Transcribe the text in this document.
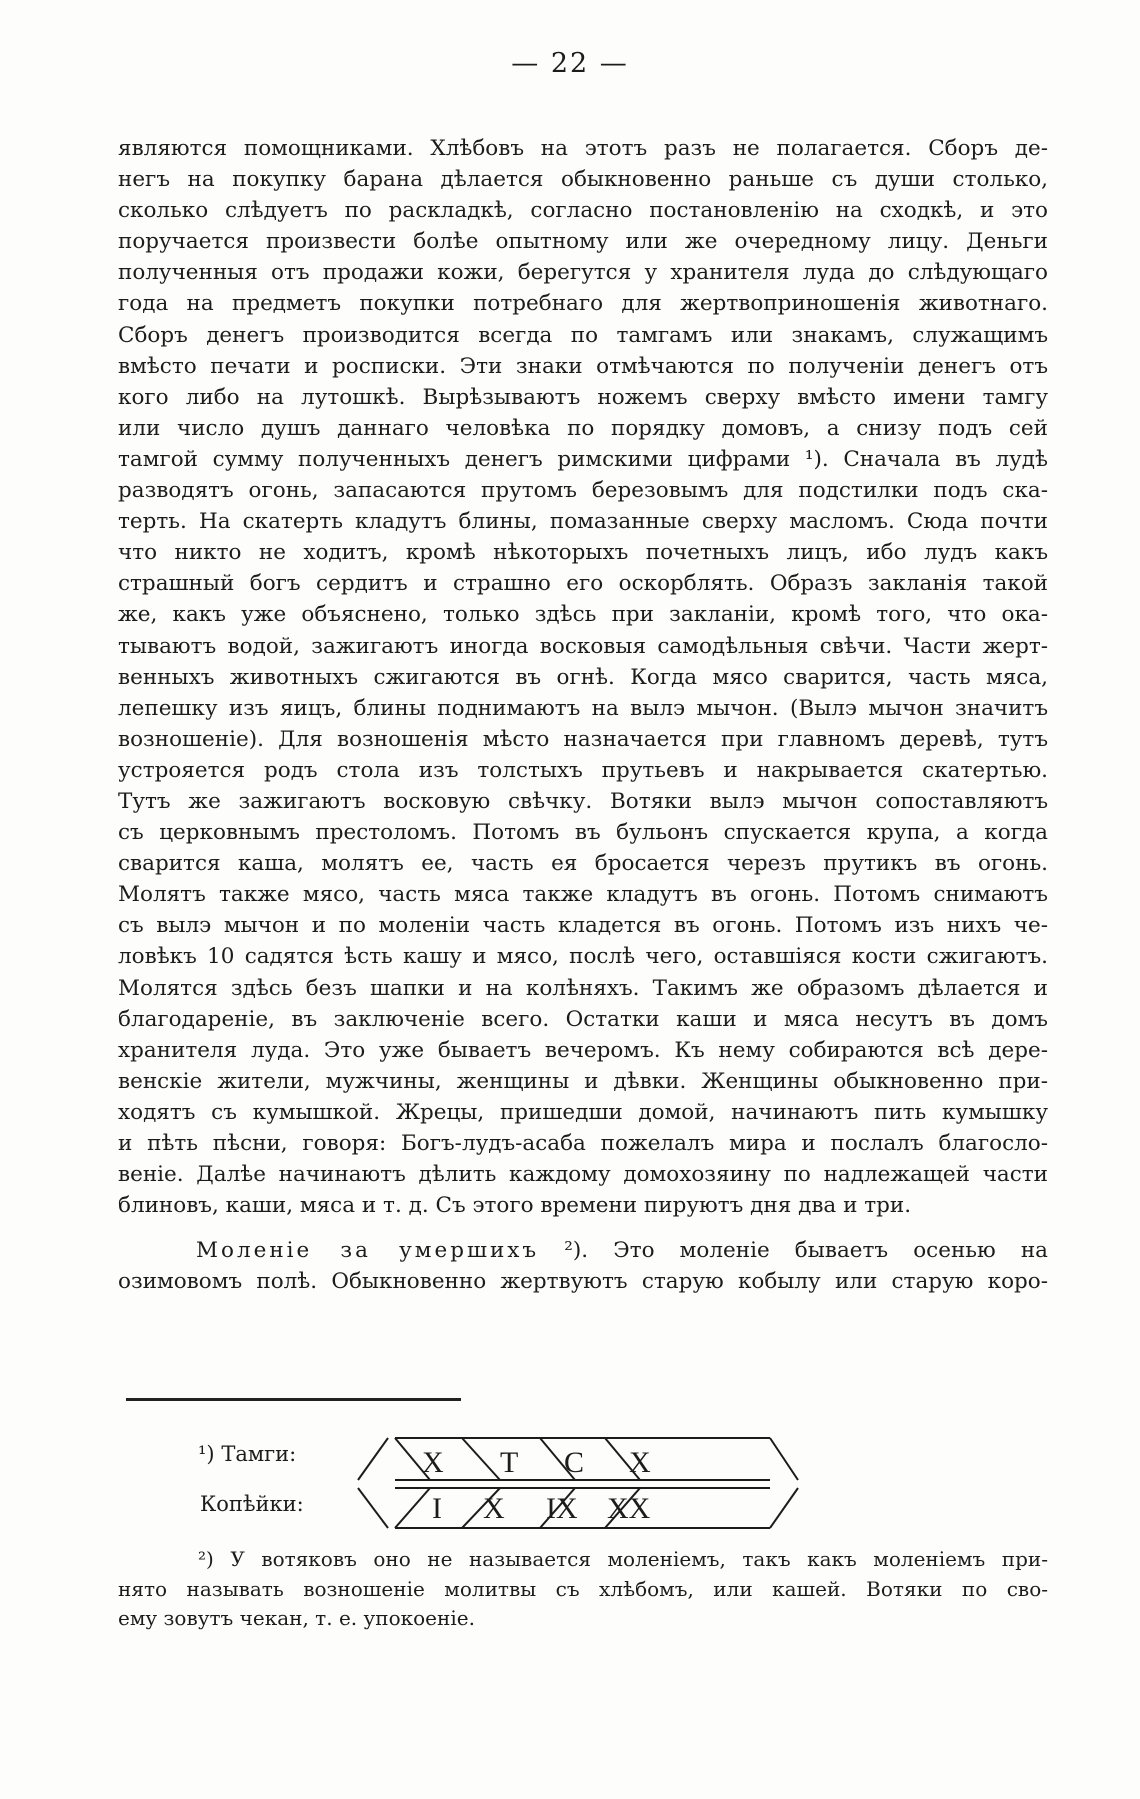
— 22 —
являются помощниками. Хлѣбовъ на этотъ разъ не полагается. Сборъ де-
негъ на покупку барана дѣлается обыкновенно раньше съ души столько,
сколько слѣдуетъ по раскладкѣ, согласно постановленію на сходкѣ, и это
поручается произвести болѣе опытному или же очередному лицу. Деньги
полученныя отъ продажи кожи, берегутся у хранителя луда до слѣдующаго
года на предметъ покупки потребнаго для жертвоприношенія животнаго.
Сборъ денегъ производится всегда по тамгамъ или знакамъ, служащимъ
вмѣсто печати и росписки. Эти знаки отмѣчаются по полученіи денегъ отъ
кого либо на лутошкѣ. Вырѣзываютъ ножемъ сверху вмѣсто имени тамгу
или число душъ даннаго человѣка по порядку домовъ, а снизу подъ сей
тамгой сумму полученныхъ денегъ римскими цифрами ¹). Сначала въ лудѣ
разводятъ огонь, запасаются прутомъ березовымъ для подстилки подъ ска-
терть. На скатерть кладутъ блины, помазанные сверху масломъ. Сюда почти
что никто не ходитъ, кромѣ нѣкоторыхъ почетныхъ лицъ, ибо лудъ какъ
страшный богъ сердитъ и страшно его оскорблять. Образъ закланія такой
же, какъ уже объяснено, только здѣсь при закланіи, кромѣ того, что ока-
тываютъ водой, зажигаютъ иногда восковыя самодѣльныя свѣчи. Части жерт-
венныхъ животныхъ сжигаются въ огнѣ. Когда мясо сварится, часть мяса,
лепешку изъ яицъ, блины поднимаютъ на вылэ мычон. (Вылэ мычон значитъ
возношеніе). Для возношенія мѣсто назначается при главномъ деревѣ, тутъ
устрояется родъ стола изъ толстыхъ прутьевъ и накрывается скатертью.
Тутъ же зажигаютъ восковую свѣчку. Вотяки вылэ мычон сопоставляютъ
съ церковнымъ престоломъ. Потомъ въ бульонъ спускается крупа, а когда
сварится каша, молятъ ее, часть ея бросается черезъ прутикъ въ огонь.
Молятъ также мясо, часть мяса также кладутъ въ огонь. Потомъ снимаютъ
съ вылэ мычон и по моленіи часть кладется въ огонь. Потомъ изъ нихъ че-
ловѣкъ 10 садятся ѣсть кашу и мясо, послѣ чего, оставшіяся кости сжигаютъ.
Молятся здѣсь безъ шапки и на колѣняхъ. Такимъ же образомъ дѣлается и
благодареніе, въ заключеніе всего. Остатки каши и мяса несутъ въ домъ
хранителя луда. Это уже бываетъ вечеромъ. Къ нему собираются всѣ дере-
венскіе жители, мужчины, женщины и дѣвки. Женщины обыкновенно при-
ходятъ съ кумышкой. Жрецы, пришедши домой, начинаютъ пить кумышку
и пѣть пѣсни, говоря: Богъ-лудъ-асаба пожелалъ мира и послалъ благосло-
веніе. Далѣе начинаютъ дѣлить каждому домохозяину по надлежащей части
блиновъ, каши, мяса и т. д. Съ этого времени пируютъ дня два и три.
Моленіе за умершихъ ²). Это моленіе бываетъ осенью на
озимовомъ полѣ. Обыкновенно жертвуютъ старую кобылу или старую коро-
¹) Тамги:
Копѣйки:
X T C X
I X IX XX
²) У вотяковъ оно не называется моленіемъ, такъ какъ моленіемъ при-
нято называть возношеніе молитвы съ хлѣбомъ, или кашей. Вотяки по сво-
ему зовутъ чекан, т. е. упокоеніе.
